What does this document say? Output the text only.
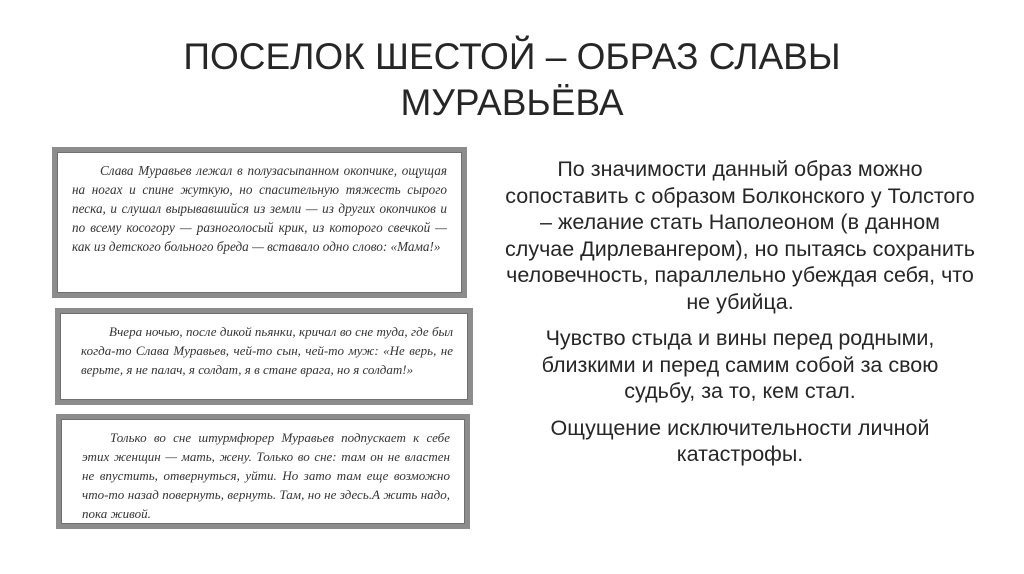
ПОСЕЛОК ШЕСТОЙ – ОБРАЗ СЛАВЫ МУРАВЬЁВА

Слава Муравьев лежал в полузасыпанном окопчике, ощущая на ногах и спине жуткую, но спасительную тяжесть сырого песка, и слушал вырывавшийся из земли — из других окопчиков и по всему косогору — разноголосый крик, из которого свечкой — как из детского больного бреда — вставало одно слово: «Мама!»

Вчера ночью, после дикой пьянки, кричал во сне туда, где был когда-то Слава Муравьев, чей-то сын, чей-то муж: «Не верь, не верьте, я не палач, я солдат, я в стане врага, но я солдат!»

Только во сне штурмфюрер Муравьев подпускает к себе этих женщин — мать, жену. Только во сне: там он не властен не впустить, отвернуться, уйти. Но зато там еще возможно что-то назад повернуть, вернуть. Там, но не здесь.А жить надо, пока живой.

По значимости данный образ можно сопоставить с образом Болконского у Толстого – желание стать Наполеоном (в данном случае Дирлевангером), но пытаясь сохранить человечность, параллельно убеждая себя, что не убийца.

Чувство стыда и вины перед родными, близкими и перед самим собой за свою судьбу, за то, кем стал.

Ощущение исключительности личной катастрофы.
